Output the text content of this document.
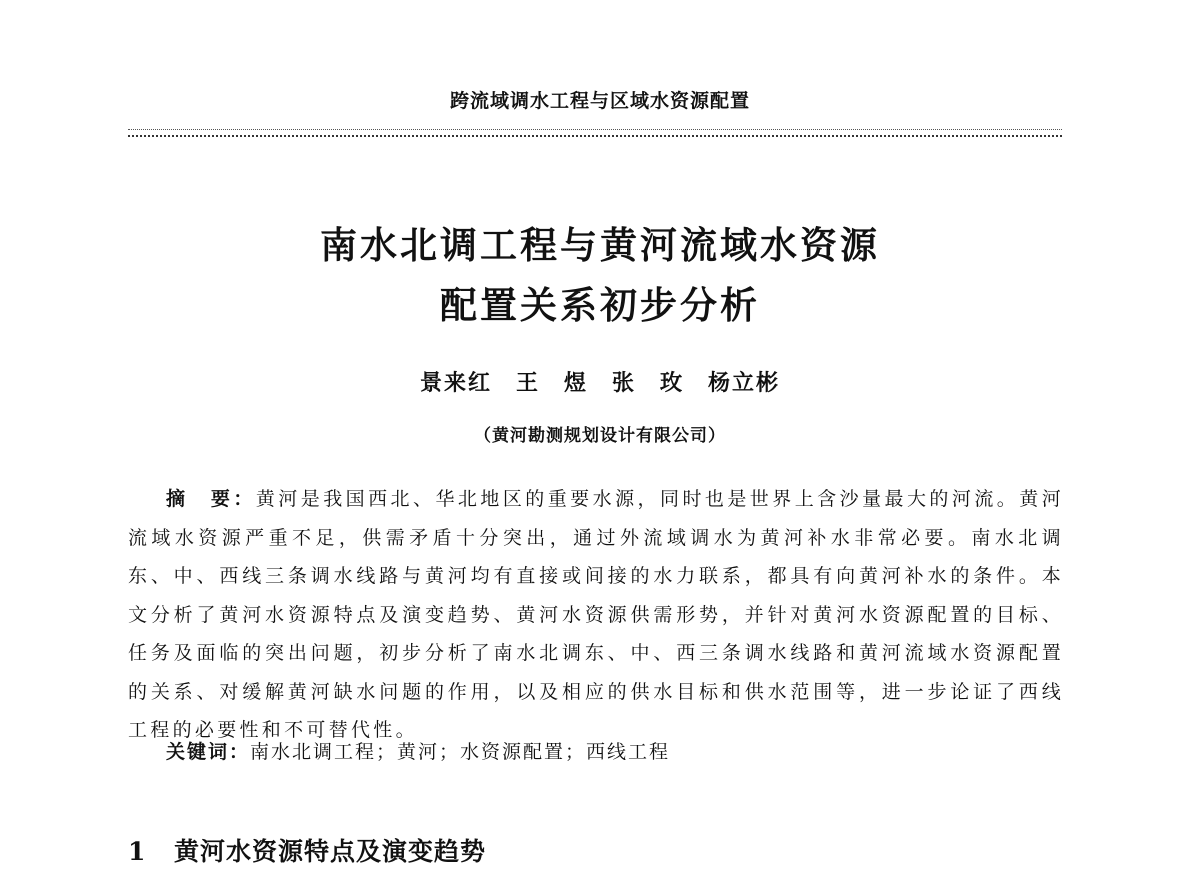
跨流域调水工程与区域水资源配置
南水北调工程与黄河流域水资源
配置关系初步分析
景来红　王　煜　张　玫　杨立彬
（黄河勘测规划设计有限公司）
摘　要：黄河是我国西北、华北地区的重要水源，同时也是世界上含沙量最大的河流。黄河流域水资源严重不足，供需矛盾十分突出，通过外流域调水为黄河补水非常必要。南水北调东、中、西线三条调水线路与黄河均有直接或间接的水力联系，都具有向黄河补水的条件。本文分析了黄河水资源特点及演变趋势、黄河水资源供需形势，并针对黄河水资源配置的目标、任务及面临的突出问题，初步分析了南水北调东、中、西三条调水线路和黄河流域水资源配置的关系、对缓解黄河缺水问题的作用，以及相应的供水目标和供水范围等，进一步论证了西线工程的必要性和不可替代性。
关键词：南水北调工程；黄河；水资源配置；西线工程
1 黄河水资源特点及演变趋势
